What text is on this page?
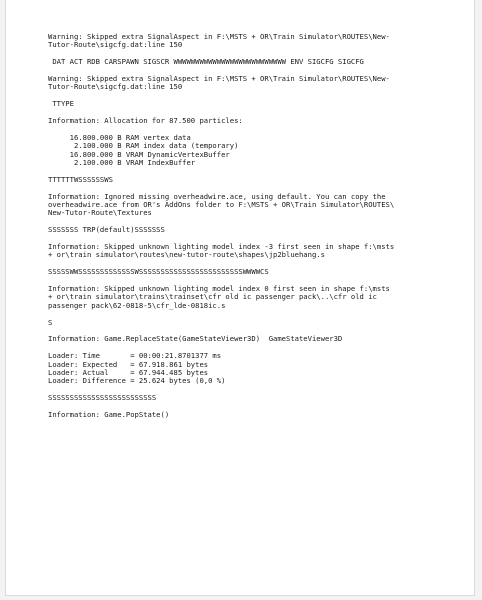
Warning: Skipped extra SignalAspect in F:\MSTS + OR\Train Simulator\ROUTES\New-
Tutor-Route\sigcfg.dat:line 150
DAT ACT RDB CARSPAWN SIGSCR WWWWWWWWWWWWWWWWWWWWWWWWWW ENV SIGCFG SIGCFG
Warning: Skipped extra SignalAspect in F:\MSTS + OR\Train Simulator\ROUTES\New-
Tutor-Route\sigcfg.dat:line 150
TTYPE
Information: Allocation for 87.500 particles:
16.800.000 B RAM vertex data
2.100.000 B RAM index data (temporary)
16.800.000 B VRAM DynamicVertexBuffer
2.100.000 B VRAM IndexBuffer
TTTTTTWSSSSSSWS
Information: Ignored missing overheadwire.ace, using default. You can copy the
overheadwire.ace from OR's AddOns folder to F:\MSTS + OR\Train Simulator\ROUTES\
New-Tutor-Route\Textures
SSSSSSS TRP(default)SSSSSSS
Information: Skipped unknown lighting model index -3 first seen in shape f:\msts
+ or\train simulator\routes\new-tutor-route\shapes\jp2bluehang.s
SSSSSWWSSSSSSSSSSSSSWSSSSSSSSSSSSSSSSSSSSSSSSWWWWCS
Information: Skipped unknown lighting model index 0 first seen in shape f:\msts
+ or\train simulator\trains\trainset\cfr old ic passenger pack\..\cfr old ic
passenger pack\62-0818-5\cfr_lde-0818ic.s
S
Information: Game.ReplaceState(GameStateViewer3D)  GameStateViewer3D
Loader: Time       = 00:00:21.8701377 ms
Loader: Expected   = 67.918.861 bytes
Loader: Actual     = 67.944.485 bytes
Loader: Difference = 25.624 bytes (0,0 %)
SSSSSSSSSSSSSSSSSSSSSSSSS
Information: Game.PopState()
